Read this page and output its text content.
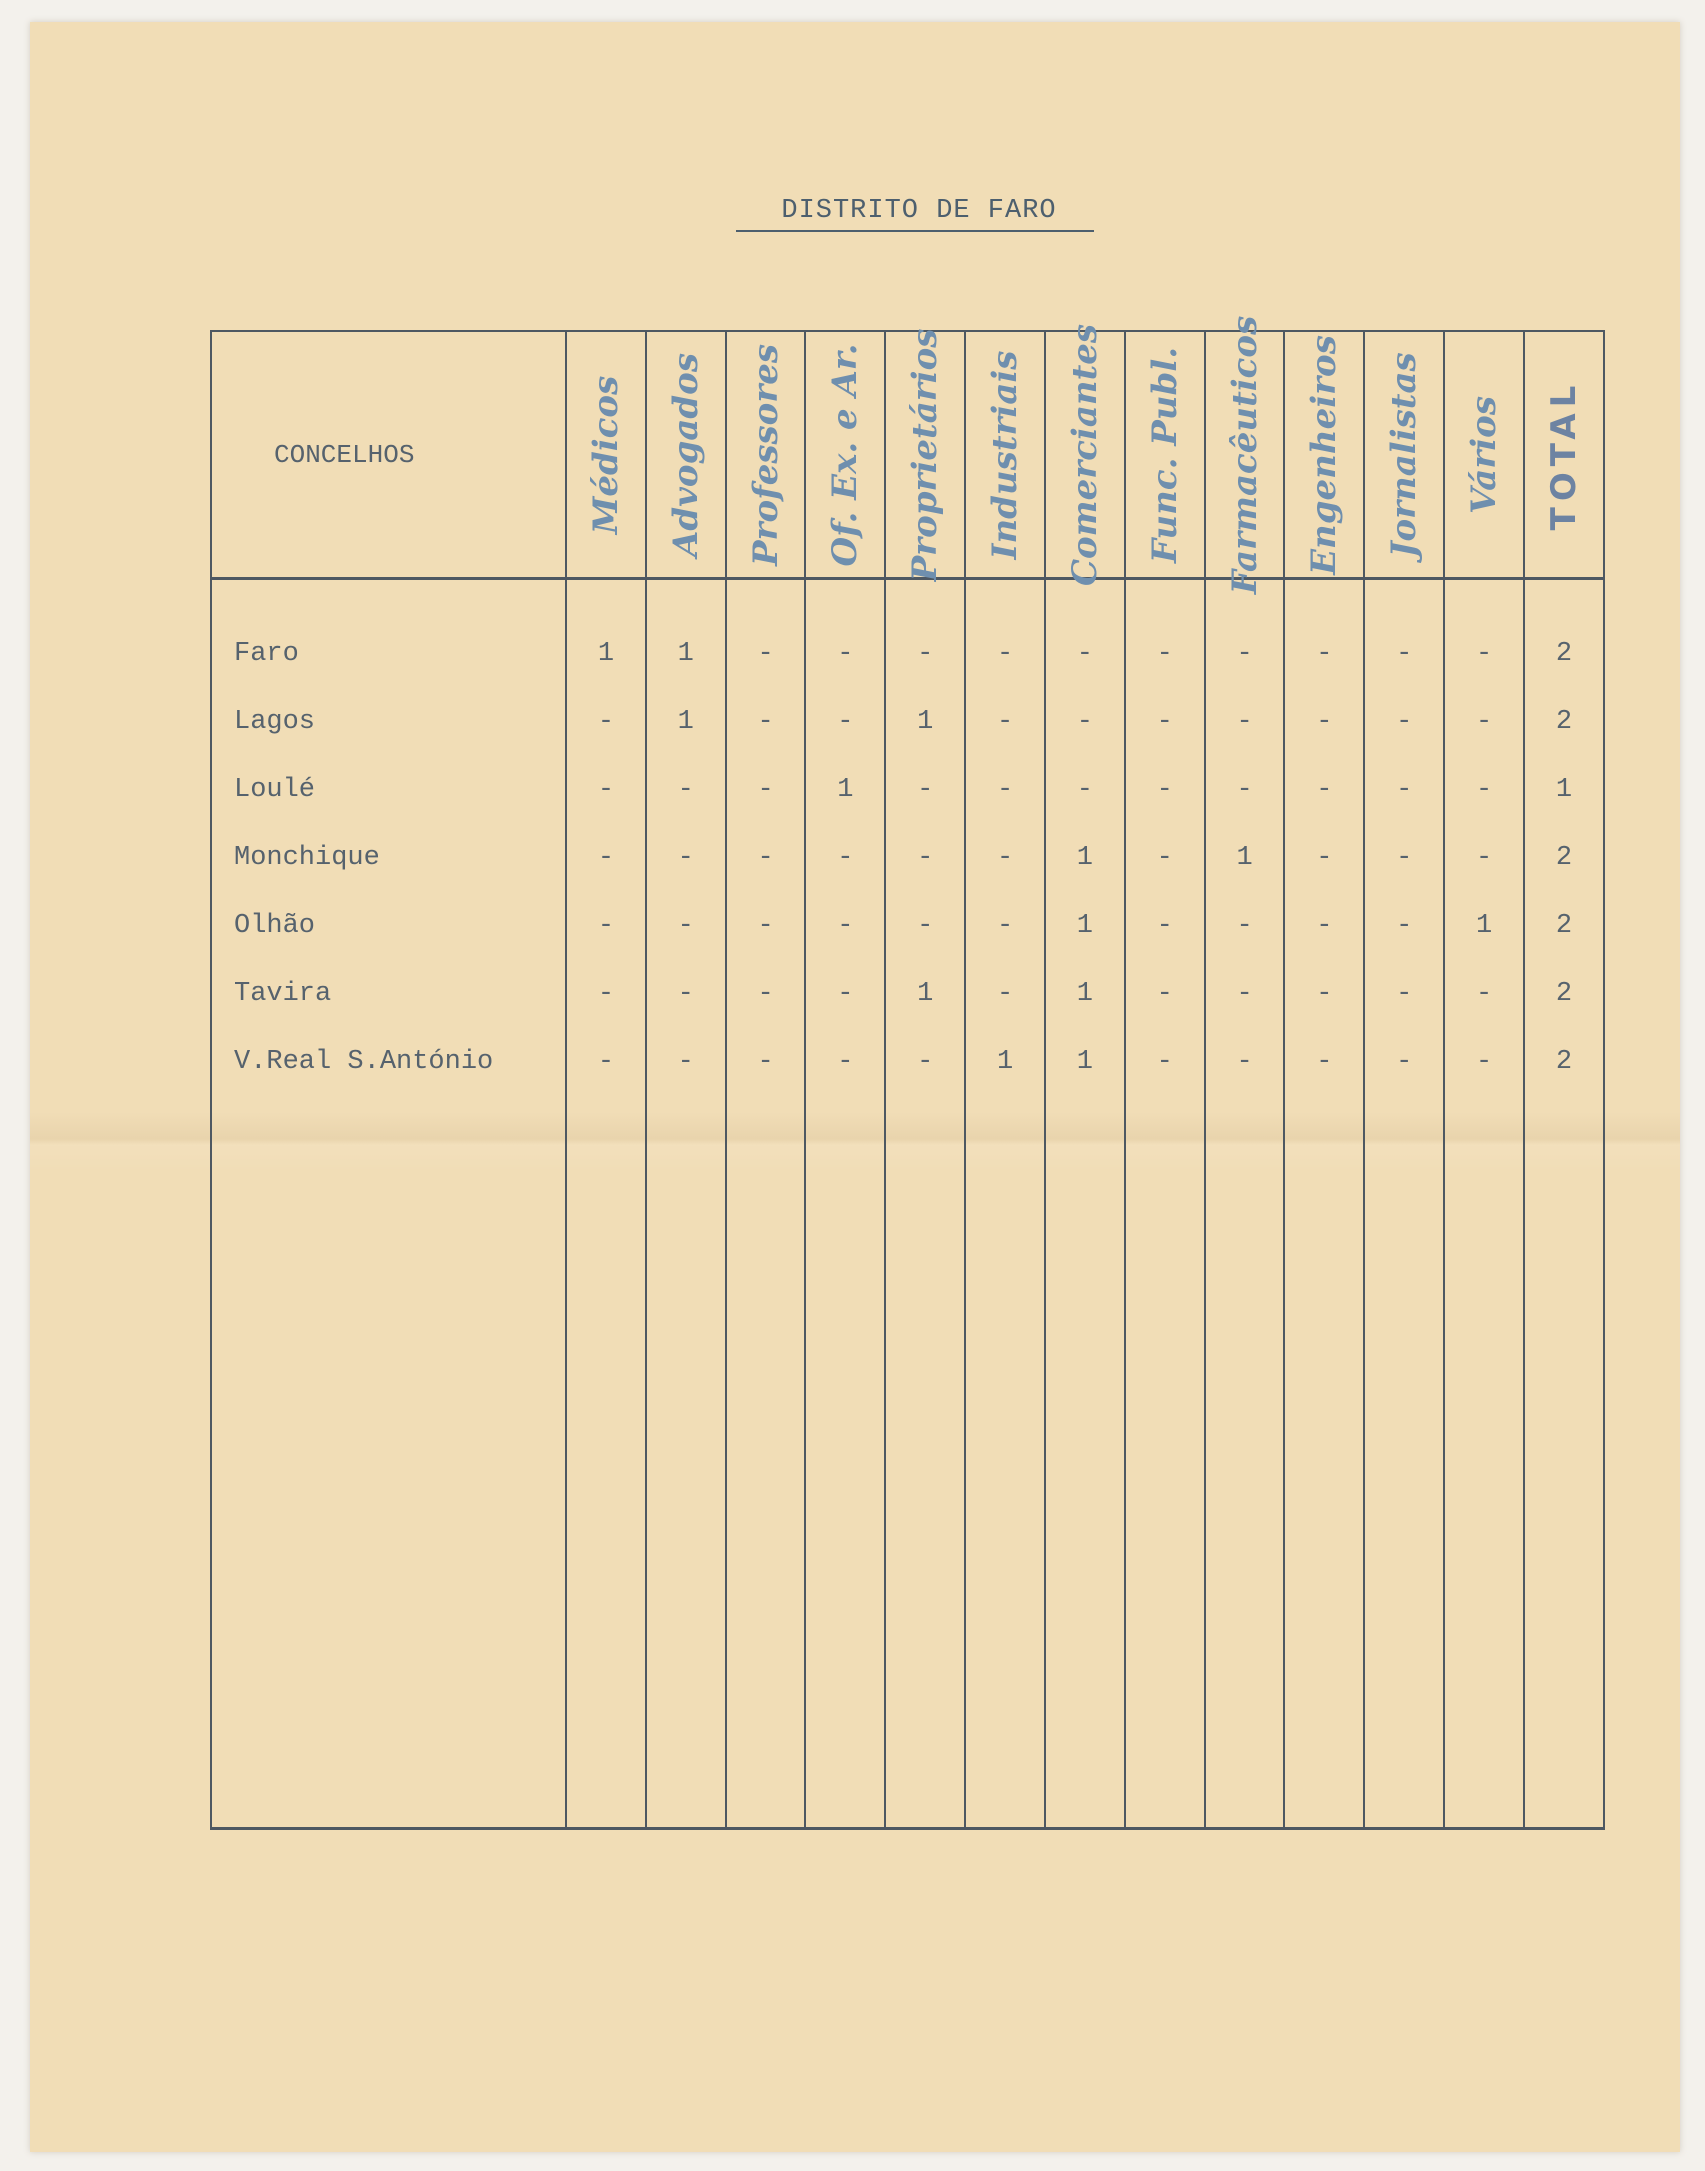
DISTRITO DE FARO
CONCELHOS	Médicos	Advogados	Professores	Of. Ex. e Ar.	Proprietários	Industriais	Comerciantes	Func. Publ.	Farmacêuticos	Engenheiros	Jornalistas	Vários	TOTAL

Faro	1	1	-	-	-	-	-	-	-	-	-	-	2
Lagos	-	1	-	-	1	-	-	-	-	-	-	-	2
Loulé	-	-	-	1	-	-	-	-	-	-	-	-	1
Monchique	-	-	-	-	-	-	1	-	1	-	-	-	2
Olhão	-	-	-	-	-	-	1	-	-	-	-	1	2
Tavira	-	-	-	-	1	-	1	-	-	-	-	-	2
V.Real S.António	-	-	-	-	-	1	1	-	-	-	-	-	2
